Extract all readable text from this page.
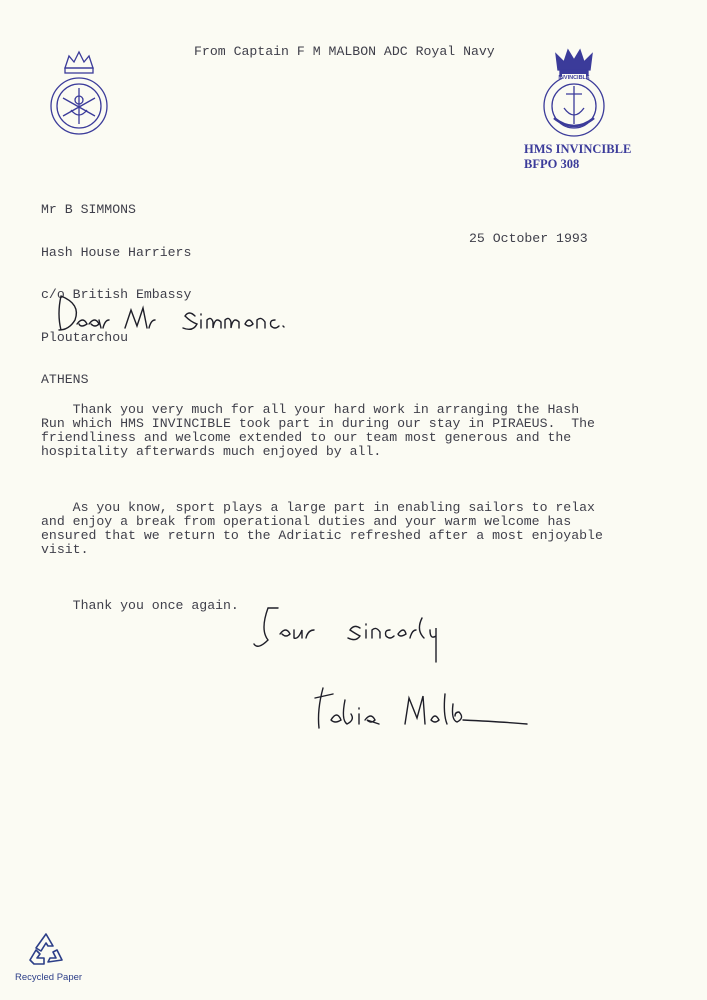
From Captain F M MALBON ADC Royal Navy
INVINCIBLE
HMS INVINCIBLE
BFPO 308

Mr B SIMMONS

Hash House Harriers

c/o British Embassy

Ploutarchou

ATHENS

25 October 1993

Thank you very much for all your hard work in arranging the Hash
Run which HMS INVINCIBLE took part in during our stay in PIRAEUS.  The
friendliness and welcome extended to our team most generous and the
hospitality afterwards much enjoyed by all.

As you know, sport plays a large part in enabling sailors to relax
and enjoy a break from operational duties and your warm welcome has
ensured that we return to the Adriatic refreshed after a most enjoyable
visit.

Thank you once again.

Recycled Paper
